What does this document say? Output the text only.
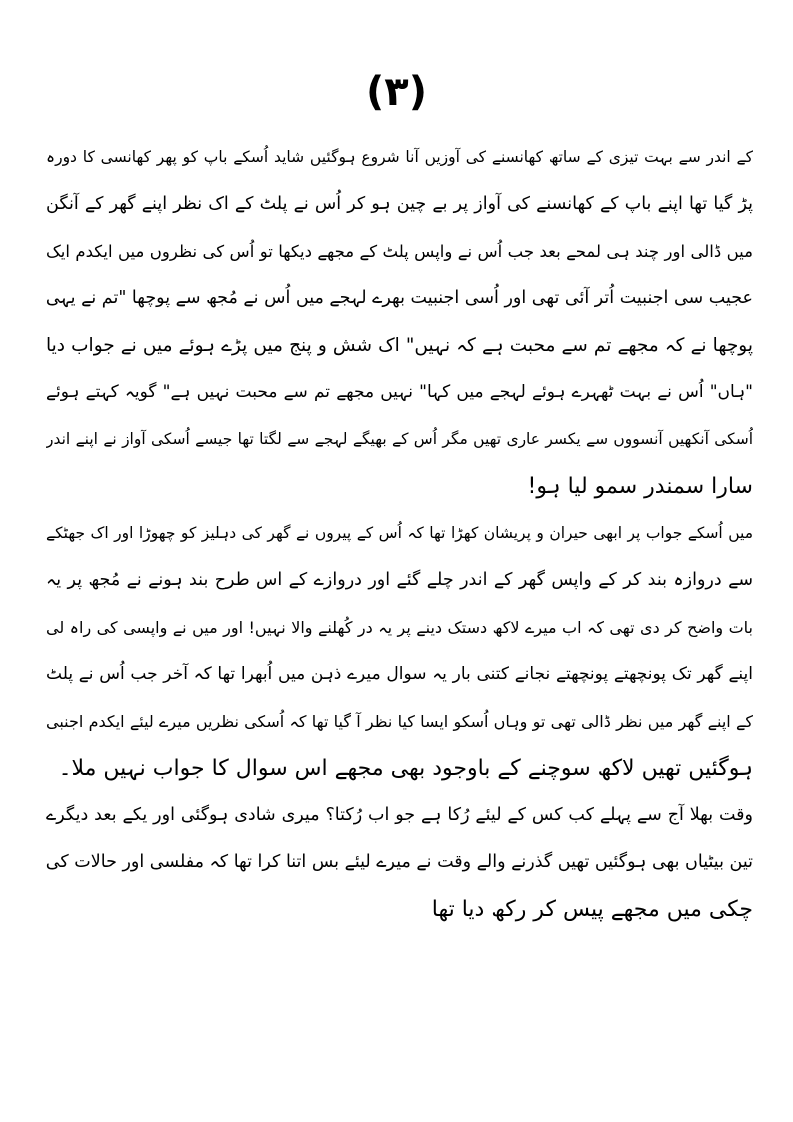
(۳)
کے اندر سے بہت تیزی کے ساتھ کھانسنے کی آوزیں آنا شروع ہوگئیں شاید اُسکے باپ کو پھر کھانسی کا دورہ
پڑ گیا تھا اپنے باپ کے کھانسنے کی آواز پر بے چین ہو کر اُس نے پلٹ کے اک نظر اپنے گھر کے آنگن
میں ڈالی اور چند ہی لمحے بعد جب اُس نے واپس پلٹ کے مجھے دیکھا تو اُس کی نظروں میں ایکدم ایک
عجیب سی اجنبیت اُتر آئی تھی اور اُسی اجنبیت بھرے لہجے میں اُس نے مُجھ سے پوچھا "تم نے یہی
پوچھا نے کہ مجھے تم سے محبت ہے کہ نہیں" اک شش و پنج میں پڑے ہوئے میں نے جواب دیا
"ہاں" اُس نے بہت ٹھہرے ہوئے لہجے میں کہا" نہیں مجھے تم سے محبت نہیں ہے" گویہ کہتے ہوئے
اُسکی آنکھیں آنسووں سے یکسر عاری تھیں مگر اُس کے بھیگے لہجے سے لگتا تھا جیسے اُسکی آواز نے اپنے اندر
سارا سمندر سمو لیا ہو!
میں اُسکے جواب پر ابھی حیران و پریشان کھڑا تھا کہ اُس کے پیروں نے گھر کی دہلیز کو چھوڑا اور اک جھٹکے
سے دروازہ بند کر کے واپس گھر کے اندر چلے گئے اور دروازے کے اس طرح بند ہونے نے مُجھ پر یہ
بات واضح کر دی تھی کہ اب میرے لاکھ دستک دینے پر یہ در کُھلنے والا نہیں! اور میں نے واپسی کی راہ لی
اپنے گھر تک پونچھتے پونچھتے نجانے کتنی بار یہ سوال میرے ذہن میں اُبھرا تھا کہ آخر جب اُس نے پلٹ
کے اپنے گھر میں نظر ڈالی تھی تو وہاں اُسکو ایسا کیا نظر آ گیا تھا کہ اُسکی نظریں میرے لیئے ایکدم اجنبی
ہوگئیں تھیں لاکھ سوچنے کے باوجود بھی مجھے اس سوال کا جواب نہیں ملا۔
وقت بھلا آج سے پہلے کب کس کے لیئے رُکا ہے جو اب رُکتا؟ میری شادی ہوگئی اور یکے بعد دیگرے
تین بیٹیاں بھی ہوگئیں تھیں گذرنے والے وقت نے میرے لیئے بس اتنا کرا تھا کہ مفلسی اور حالات کی
چکی میں مجھے پیس کر رکھ دیا تھا
